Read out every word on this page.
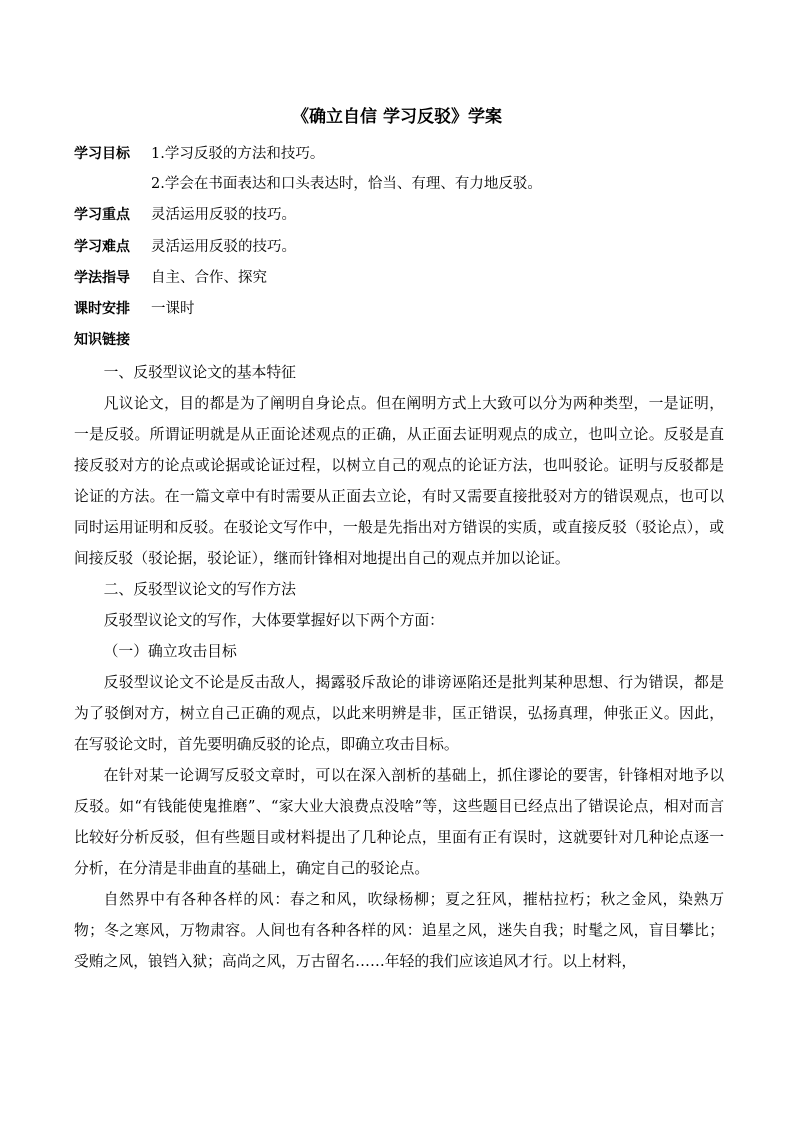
《确立自信 学习反驳》学案
学习目标 1.学习反驳的方法和技巧。
2.学会在书面表达和口头表达时，恰当、有理、有力地反驳。
学习重点 灵活运用反驳的技巧。
学习难点 灵活运用反驳的技巧。
学法指导 自主、合作、探究
课时安排 一课时
知识链接

一、反驳型议论文的基本特征

凡议论文，目的都是为了阐明自身论点。但在阐明方式上大致可以分为两种类型，一是证明，一是反驳。所谓证明就是从正面论述观点的正确，从正面去证明观点的成立，也叫立论。反驳是直接反驳对方的论点或论据或论证过程，以树立自己的观点的论证方法，也叫驳论。证明与反驳都是论证的方法。在一篇文章中有时需要从正面去立论，有时又需要直接批驳对方的错误观点，也可以同时运用证明和反驳。在驳论文写作中，一般是先指出对方错误的实质，或直接反驳（驳论点），或间接反驳（驳论据，驳论证），继而针锋相对地提出自己的观点并加以论证。

二、反驳型议论文的写作方法

反驳型议论文的写作，大体要掌握好以下两个方面：

（一）确立攻击目标

反驳型议论文不论是反击敌人，揭露驳斥敌论的诽谤诬陷还是批判某种思想、行为错误，都是为了驳倒对方，树立自己正确的观点，以此来明辨是非，匡正错误，弘扬真理，伸张正义。因此，在写驳论文时，首先要明确反驳的论点，即确立攻击目标。

在针对某一论调写反驳文章时，可以在深入剖析的基础上，抓住谬论的要害，针锋相对地予以反驳。如“有钱能使鬼推磨”、“家大业大浪费点没啥”等，这些题目已经点出了错误论点，相对而言比较好分析反驳，但有些题目或材料提出了几种论点，里面有正有误时，这就要针对几种论点逐一分析，在分清是非曲直的基础上，确定自己的驳论点。

自然界中有各种各样的风：春之和风，吹绿杨柳；夏之狂风，摧枯拉朽；秋之金风，染熟万物；冬之寒风，万物肃容。人间也有各种各样的风：追星之风，迷失自我；时髦之风，盲目攀比；受贿之风，锒铛入狱；高尚之风，万古留名……年轻的我们应该追风才行。以上材料，
